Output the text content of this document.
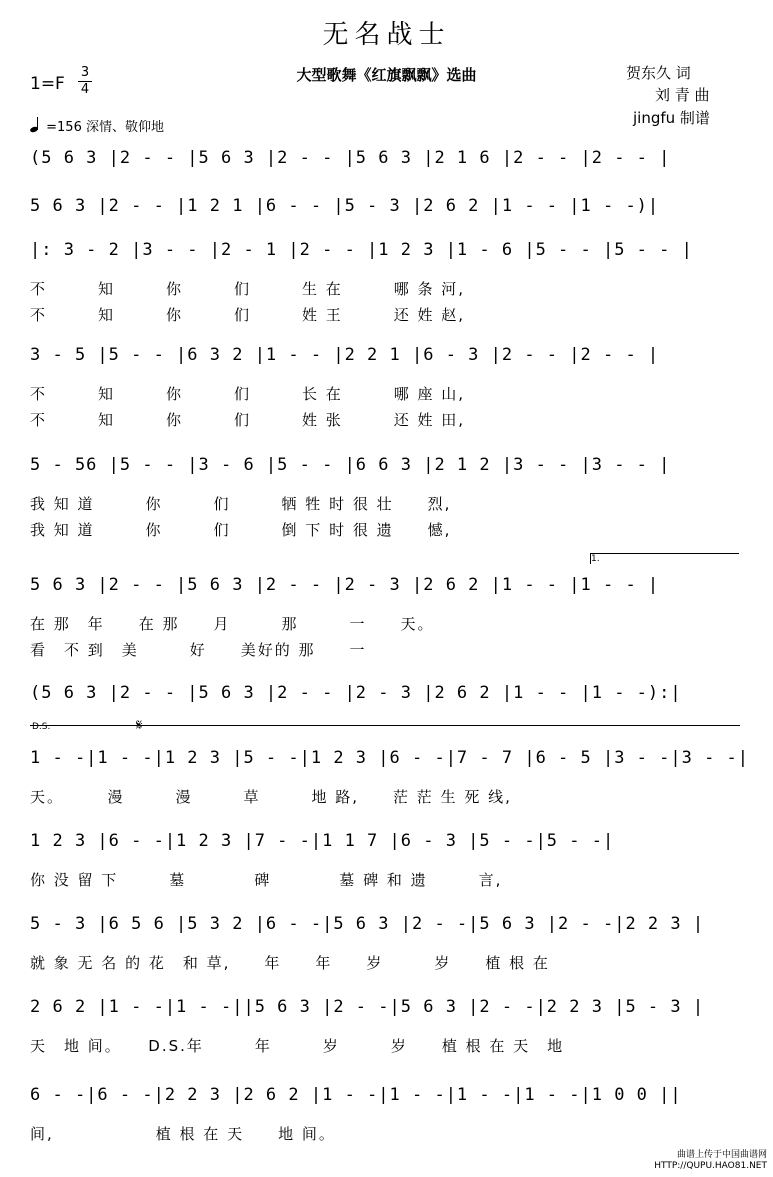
无名战士
大型歌舞《红旗飘飘》选曲	贺东久 词
刘 青 曲
jingfu 制谱
1=F
3
4
=156 深情、敬仰地
1.
𝄋
D.S.
(5 6 3 |2 - - |5 6 3 |2 - - |5 6 3 |2 1 6 |2 - - |2 - - |
5 6 3 |2 - - |1 2 1 |6 - - |5 - 3 |2 6 2 |1 - - |1 - -)|
|: 3 - 2 |3 - - |2 - 1 |2 - - |1 2 3 |1 - 6 |5 - - |5 - - |
不　　　知　　　你　　　们　　　生 在　　　哪 条 河,
不　　　知　　　你　　　们　　　姓 王　　　还 姓 赵,
3 - 5 |5 - - |6 3 2 |1 - - |2 2 1 |6 - 3 |2 - - |2 - - |
不　　　知　　　你　　　们　　　长 在　　　哪 座 山,
不　　　知　　　你　　　们　　　姓 张　　　还 姓 田,
5 - 56 |5 - - |3 - 6 |5 - - |6 6 3 |2 1 2 |3 - - |3 - - |
我 知 道　　　你　　　们　　　牺 牲 时 很 壮　　烈,
我 知 道　　　你　　　们　　　倒 下 时 很 遗　　憾,
5 6 3 |2 - - |5 6 3 |2 - - |2 - 3 |2 6 2 |1 - - |1 - - |
在 那　年　　在 那　　月　　　那　　　一　　天。
看　不 到　美　　　好　　美好的 那　　一
(5 6 3 |2 - - |5 6 3 |2 - - |2 - 3 |2 6 2 |1 - - |1 - -):|
1 - -|1 - -|1 2 3 |5 - -|1 2 3 |6 - -|7 - 7 |6 - 5 |3 - -|3 - -|
天。　　　漫　　　漫　　　草　　　地 路,　　茫 茫 生 死 线,
1 2 3 |6 - -|1 2 3 |7 - -|1 1 7 |6 - 3 |5 - -|5 - -|
你 没 留 下　　　墓　　　　碑　　　　墓 碑 和 遗　　　言,
5 - 3 |6 5 6 |5 3 2 |6 - -|5 6 3 |2 - -|5 6 3 |2 - -|2 2 3 |
就 象 无 名 的 花　和 草,　　年　　年　　岁　　　岁　　植 根 在
2 6 2 |1 - -|1 - -||5 6 3 |2 - -|5 6 3 |2 - -|2 2 3 |5 - 3 |
天　地 间。　　D.S.年　　　年　　　岁　　　岁　　植 根 在 天　地
6 - -|6 - -|2 2 3 |2 6 2 |1 - -|1 - -|1 - -|1 - -|1 0 0 ||
间,　　　　　　植 根 在 天　　地 间。
曲谱上传于中国曲谱网
HTTP://QUPU.HAO81.NET
